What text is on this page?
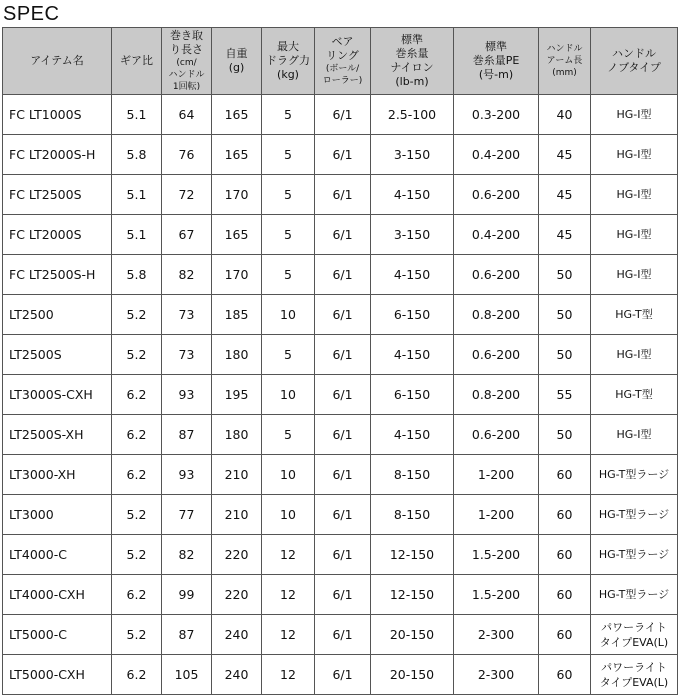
SPEC
アイテム名	ギア比	巻き取
り長さ
(cm/
ハンドル
1回転)	自重
(g)	最大
ドラグ力
(kg)	ベア
リング
(ボール/
ローラー)	標準
巻糸量
ナイロン
(lb-m)	標準
巻糸量PE
(号-m)	ハンドル
アーム長
(mm)	ハンドル
ノブタイプ
FC LT1000S	5.1	64	165	5	6/1	2.5-100	0.3-200	40	HG-I型
FC LT2000S-H	5.8	76	165	5	6/1	3-150	0.4-200	45	HG-I型
FC LT2500S	5.1	72	170	5	6/1	4-150	0.6-200	45	HG-I型
FC LT2000S	5.1	67	165	5	6/1	3-150	0.4-200	45	HG-I型
FC LT2500S-H	5.8	82	170	5	6/1	4-150	0.6-200	50	HG-I型
LT2500	5.2	73	185	10	6/1	6-150	0.8-200	50	HG-T型
LT2500S	5.2	73	180	5	6/1	4-150	0.6-200	50	HG-I型
LT3000S-CXH	6.2	93	195	10	6/1	6-150	0.8-200	55	HG-T型
LT2500S-XH	6.2	87	180	5	6/1	4-150	0.6-200	50	HG-I型
LT3000-XH	6.2	93	210	10	6/1	8-150	1-200	60	HG-T型ラージ
LT3000	5.2	77	210	10	6/1	8-150	1-200	60	HG-T型ラージ
LT4000-C	5.2	82	220	12	6/1	12-150	1.5-200	60	HG-T型ラージ
LT4000-CXH	6.2	99	220	12	6/1	12-150	1.5-200	60	HG-T型ラージ
LT5000-C	5.2	87	240	12	6/1	20-150	2-300	60	パワーライト
タイプEVA(L)
LT5000-CXH	6.2	105	240	12	6/1	20-150	2-300	60	パワーライト
タイプEVA(L)
